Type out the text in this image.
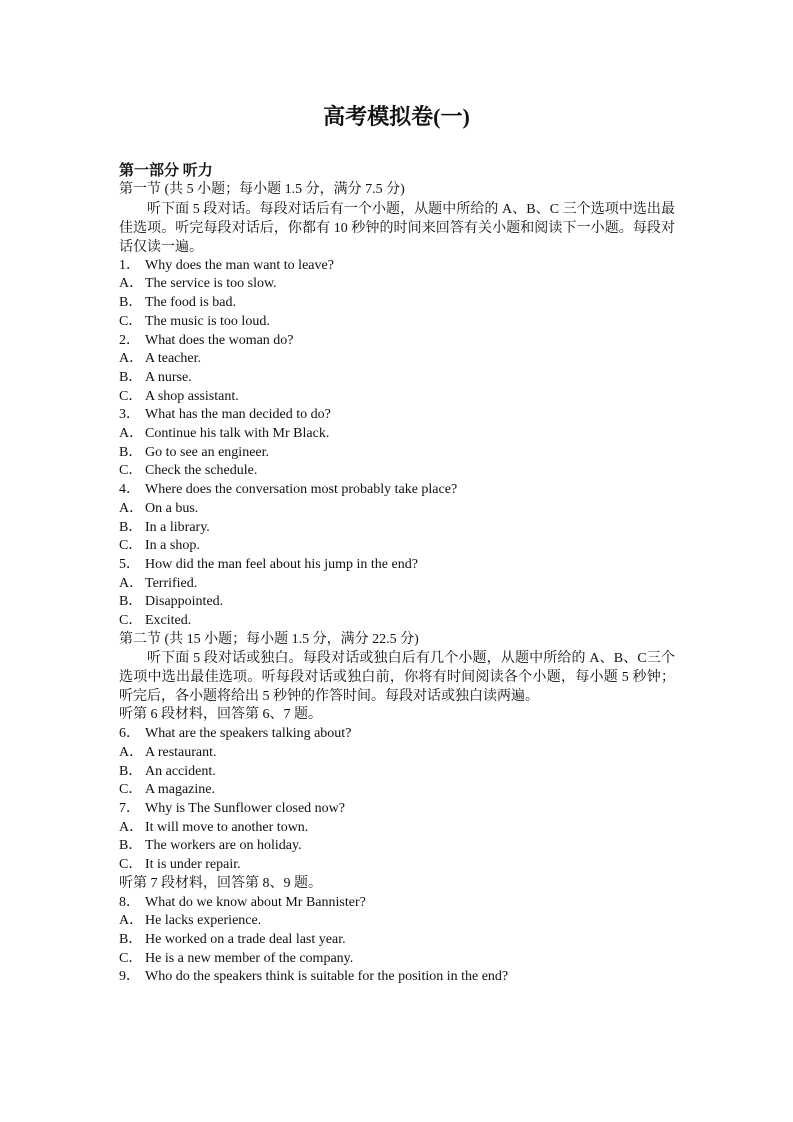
高考模拟卷(一)
第一部分 听力
第一节 (共 5 小题；每小题 1.5 分，满分 7.5 分)
听下面 5 段对话。每段对话后有一个小题，从题中所给的 A、B、C 三个选项中选出最佳选项。听完每段对话后，你都有 10 秒钟的时间来回答有关小题和阅读下一小题。每段对话仅读一遍。
1． Why does the man want to leave?
A． The service is too slow.
B． The food is bad.
C． The music is too loud.
2． What does the woman do?
A． A teacher.
B． A nurse.
C． A shop assistant.
3． What has the man decided to do?
A． Continue his talk with Mr Black.
B． Go to see an engineer.
C． Check the schedule.
4． Where does the conversation most probably take place?
A． On a bus.
B． In a library.
C． In a shop.
5． How did the man feel about his jump in the end?
A． Terrified.
B． Disappointed.
C． Excited.
第二节 (共 15 小题；每小题 1.5 分，满分 22.5 分)
听下面 5 段对话或独白。每段对话或独白后有几个小题，从题中所给的 A、B、C三个选项中选出最佳选项。听每段对话或独白前，你将有时间阅读各个小题，每小题 5 秒钟；听完后，各小题将给出 5 秒钟的作答时间。每段对话或独白读两遍。
听第 6 段材料，回答第 6、7 题。
6． What are the speakers talking about?
A． A restaurant.
B． An accident.
C． A magazine.
7． Why is The Sunflower closed now?
A． It will move to another town.
B． The workers are on holiday.
C． It is under repair.
听第 7 段材料，回答第 8、9 题。
8． What do we know about Mr Bannister?
A． He lacks experience.
B． He worked on a trade deal last year.
C． He is a new member of the company.
9． Who do the speakers think is suitable for the position in the end?
